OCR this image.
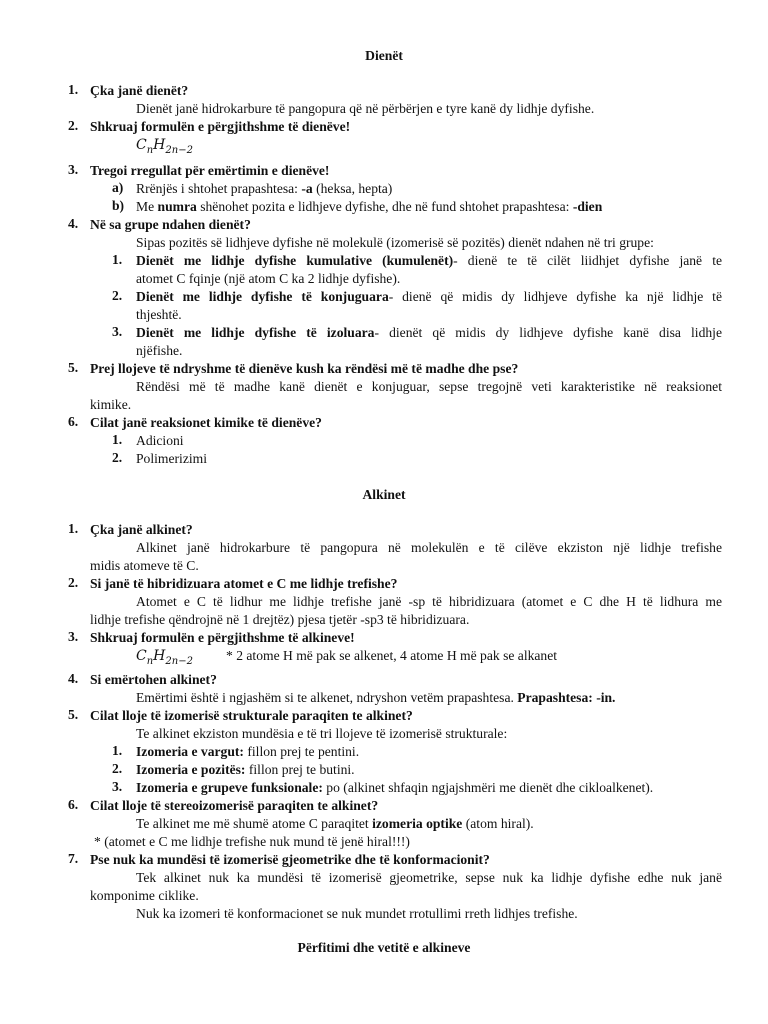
Dienët
1. Çka janë dienët?
Dienët janë hidrokarbure të pangopura që në përbërjen e tyre kanë dy lidhje dyfishe.
2. Shkruaj formulën e përgjithshme të dienëve!
$C_nH_{2n-2}$
3. Tregoi rregullat për emërtimin e dienëve!
a) Rrënjës i shtohet prapashtesa: -a (heksa, hepta)
b) Me numra shënohet pozita e lidhjeve dyfishe, dhe në fund shtohet prapashtesa: -dien
4. Në sa grupe ndahen dienët?
Sipas pozitës së lidhjeve dyfishe në molekulë (izomerisë së pozitës) dienët ndahen në tri grupe:
1. Dienët me lidhje dyfishe kumulative (kumulenët)- dienë te të cilët liidhjet dyfishe janë te
atomet C fqinje (një atom C ka 2 lidhje dyfishe).
2. Dienët me lidhje dyfishe të konjuguara- dienë që midis dy lidhjeve dyfishe ka një lidhje të
thjeshtë.
3. Dienët me lidhje dyfishe të izoluara- dienët që midis dy lidhjeve dyfishe kanë disa lidhje
njëfishe.
5. Prej llojeve të ndryshme të dienëve kush ka rëndësi më të madhe dhe pse?
Rëndësi më të madhe kanë dienët e konjuguar, sepse tregojnë veti karakteristike në reaksionet
kimike.
6. Cilat janë reaksionet kimike të dienëve?
1. Adicioni
2. Polimerizimi
Alkinet
1. Çka janë alkinet?
Alkinet janë hidrokarbure të pangopura në molekulën e të cilëve ekziston një lidhje trefishe
midis atomeve të C.
2. Si janë të hibridizuara atomet e C me lidhje trefishe?
Atomet e C të lidhur me lidhje trefishe janë -sp të hibridizuara (atomet e C dhe H të lidhura me
lidhje trefishe qëndrojnë në 1 drejtëz) pjesa tjetër -sp3 të hibridizuara.
3. Shkruaj formulën e përgjithshme të alkineve!
$C_nH_{2n-2} * 2$ atome H më pak se alkenet, 4 atome H më pak se alkanet
4. Si emërtohen alkinet?
Emërtimi është i ngjashëm si te alkenet, ndryshon vetëm prapashtesa. Prapashtesa: -in.
5. Cilat lloje të izomerisë strukturale paraqiten te alkinet?
Te alkinet ekziston mundësia e të tri llojeve të izomerisë strukturale:
1. Izomeria e vargut: fillon prej te pentini.
2. Izomeria e pozitës: fillon prej te butini.
3. Izomeria e grupeve funksionale: po (alkinet shfaqin ngjajshmëri me dienët dhe cikloalkenet).
6. Cilat lloje të stereoizomerisë paraqiten te alkinet?
Te alkinet me më shumë atome C paraqitet izomeria optike (atom hiral).
* (atomet e C me lidhje trefishe nuk mund të jenë hiral!!!)
7. Pse nuk ka mundësi të izomerisë gjeometrike dhe të konformacionit?
Tek alkinet nuk ka mundësi të izomerisë gjeometrike, sepse nuk ka lidhje dyfishe edhe nuk janë
komponime ciklike.
Nuk ka izomeri të konformacionet se nuk mundet rrotullimi rreth lidhjes trefishe.
Përfitimi dhe vetitë e alkineve
